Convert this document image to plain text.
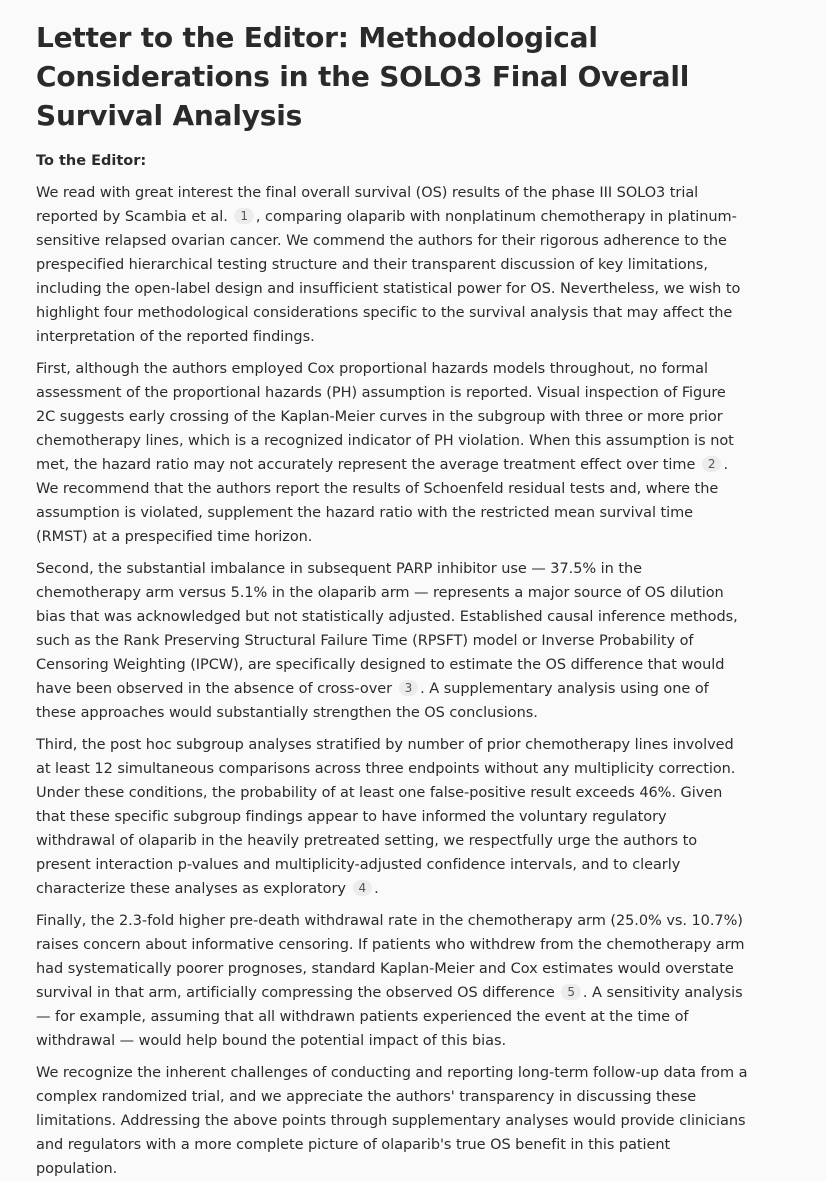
Letter to the Editor: Methodological Considerations in the SOLO3 Final Overall Survival Analysis
To the Editor:

We read with great interest the final overall survival (OS) results of the phase III SOLO3 trial reported by Scambia et al. 1 , comparing olaparib with nonplatinum chemotherapy in platinum-sensitive relapsed ovarian cancer. We commend the authors for their rigorous adherence to the prespecified hierarchical testing structure and their transparent discussion of key limitations, including the open-label design and insufficient statistical power for OS. Nevertheless, we wish to highlight four methodological considerations specific to the survival analysis that may affect the interpretation of the reported findings.

First, although the authors employed Cox proportional hazards models throughout, no formal assessment of the proportional hazards (PH) assumption is reported. Visual inspection of Figure 2C suggests early crossing of the Kaplan-Meier curves in the subgroup with three or more prior chemotherapy lines, which is a recognized indicator of PH violation. When this assumption is not met, the hazard ratio may not accurately represent the average treatment effect over time 2 . We recommend that the authors report the results of Schoenfeld residual tests and, where the assumption is violated, supplement the hazard ratio with the restricted mean survival time (RMST) at a prespecified time horizon.

Second, the substantial imbalance in subsequent PARP inhibitor use — 37.5% in the chemotherapy arm versus 5.1% in the olaparib arm — represents a major source of OS dilution bias that was acknowledged but not statistically adjusted. Established causal inference methods, such as the Rank Preserving Structural Failure Time (RPSFT) model or Inverse Probability of Censoring Weighting (IPCW), are specifically designed to estimate the OS difference that would have been observed in the absence of cross-over 3 . A supplementary analysis using one of these approaches would substantially strengthen the OS conclusions.

Third, the post hoc subgroup analyses stratified by number of prior chemotherapy lines involved at least 12 simultaneous comparisons across three endpoints without any multiplicity correction. Under these conditions, the probability of at least one false-positive result exceeds 46%. Given that these specific subgroup findings appear to have informed the voluntary regulatory withdrawal of olaparib in the heavily pretreated setting, we respectfully urge the authors to present interaction p-values and multiplicity-adjusted confidence intervals, and to clearly characterize these analyses as exploratory 4 .

Finally, the 2.3-fold higher pre-death withdrawal rate in the chemotherapy arm (25.0% vs. 10.7%) raises concern about informative censoring. If patients who withdrew from the chemotherapy arm had systematically poorer prognoses, standard Kaplan-Meier and Cox estimates would overstate survival in that arm, artificially compressing the observed OS difference 5 . A sensitivity analysis — for example, assuming that all withdrawn patients experienced the event at the time of withdrawal — would help bound the potential impact of this bias.

We recognize the inherent challenges of conducting and reporting long-term follow-up data from a complex randomized trial, and we appreciate the authors' transparency in discussing these limitations. Addressing the above points through supplementary analyses would provide clinicians and regulators with a more complete picture of olaparib's true OS benefit in this patient population.
